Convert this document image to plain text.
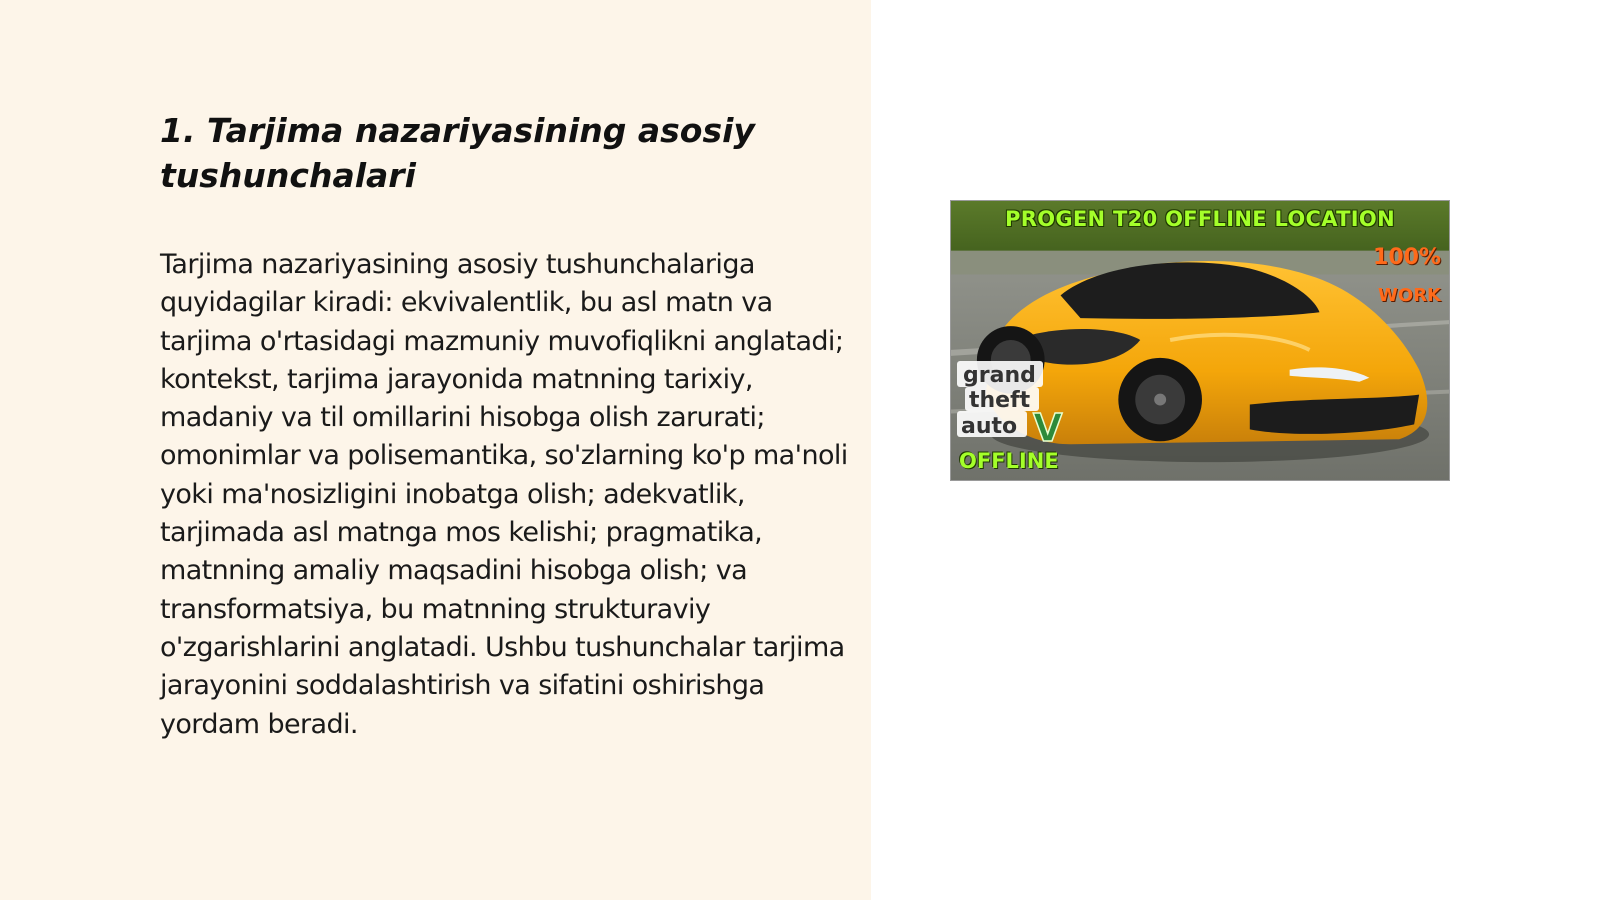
1. Tarjima nazariyasining asosiy tushunchalari

Tarjima nazariyasining asosiy tushunchalariga quyidagilar kiradi: ekvivalentlik, bu asl matn va tarjima o'rtasidagi mazmuniy muvofiqlikni anglatadi; kontekst, tarjima jarayonida matnning tarixiy, madaniy va til omillarini hisobga olish zarurati; omonimlar va polisemantika, so'zlarning ko'p ma'noli yoki ma'nosizligini inobatga olish; adekvatlik, tarjimada asl matnga mos kelishi; pragmatika, matnning amaliy maqsadini hisobga olish; va transformatsiya, bu matnning strukturaviy o'zgarishlarini anglatadi. Ushbu tushunchalar tarjima jarayonini soddalashtirish va sifatini oshirishga yordam beradi.

PROGEN T20 OFFLINE LOCATION
100%
WORK
grand
theft
auto V
OFFLINE
